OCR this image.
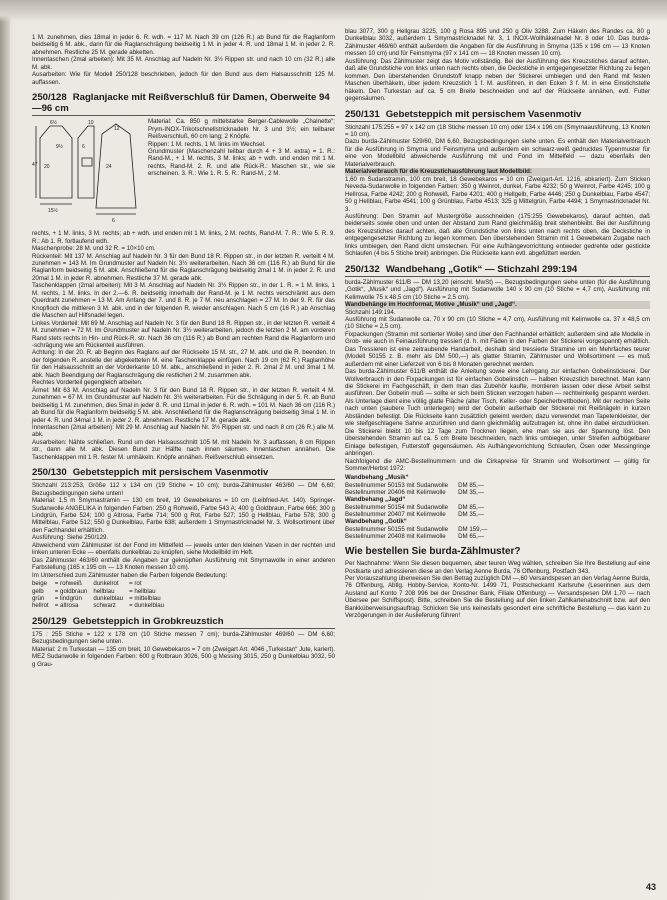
1 M. zunehmen, dies 18mal in jeder 6. R. wdh. = 117 M. Nach 39 cm (126 R.) ab Bund für die Raglanform beidseitig 6 M. abk., dann für die Raglanschrägung beidseitig 1 M. in jeder 4. R. und 18mal 1 M. in jeder 2. R. abnehmen. Restliche 25 M. gerade abketten.

Innentaschen (2mal arbeiten): Mit 35 M. Anschlag auf Nadeln Nr. 3½ Rippen str. und nach 10 cm (32 R.) alle M. abk.

Ausarbeiten: Wie für Modell 250/128 beschrieben, jedoch für den Bund aus dem Halsausschnitt 125 M. auffassen.

250/128 Raglanjacke mit Reißverschluß für Damen, Oberweite 94—96 cm
6½	10
47 20
9½	6
24
12
15½
6

Material: Ca. 850 g mittelstarke Berger-Cablewolle „Chalnette“; Prym-INOX-Trikotschnellstricknadeln Nr. 3 und 3½; ein teilbarer Reißverschluß, 60 cm lang; 2 Knöpfe.

Rippen: 1 M. rechts, 1 M. links im Wechsel.

Grundmuster (Maschenzahl teilbar durch 4 + 3 M. extra) = 1. R.: Rand-M., + 1 M. rechts, 3 M. links; ab + wdh. und enden mit 1 M. rechts, Rand-M. 2. R. und alle Rück-R.: Maschen str., wie sie erscheinen. 3. R.: Wie 1. R. 5. R.: Rand-M., 2 M.

rechts, + 1 M. links, 3 M. rechts; ab + wdh. und enden mit 1 M. links, 2 M. rechts, Rand-M. 7. R.: Wie 5. R. 9. R.: Ab 1. R. fortlaufend wdh.

Maschenprobe: 28 M. und 32 R. = 10×10 cm.

Rückenteil: Mit 137 M. Anschlag auf Nadeln Nr. 3 für den Bund 18 R. Rippen str., in der letzten R. verteilt 4 M. zunehmen = 143 M. Im Grundmuster auf Nadeln Nr. 3½ weiterarbeiten. Nach 36 cm (116 R.) ab Bund für die Raglanform beidseitig 5 M. abk. Anschließend für die Raglanschrägung beidseitig 2mal 1 M. in jeder 2. R. und 20mal 1 M. in jeder R. abnehmen. Restliche 37 M. gerade abk.

Taschenklappen (2mal arbeiten): Mit 3 M. Anschlag auf Nadeln Nr. 3½ Rippen str., in der 1. R. = 1 M. links, 1 M. rechts, 1 M. links. In der 2.—6. R. beidseitig innerhalb der Rand-M. je 1 M. rechts verschränkt aus dem Querdraht zunehmen = 13 M. Am Anfang der 7. und 8. R. je 7 M. neu anschlagen = 27 M. In der 9. R. für das Knopfloch die mittleren 3 M. abk. und in der folgenden R. wieder anschlagen. Nach 5 cm (16 R.) ab Anschlag die Maschen auf Hilfsnadel legen.

Linkes Vorderteil: Mit 69 M. Anschlag auf Nadeln Nr. 3 für den Bund 18 R. Rippen str., in der letzten R. verteilt 4 M. zunehmen = 72 M. Im Grundmuster auf Nadeln Nr. 3½ weiterarbeiten, jedoch die letzten 2 M. am vorderen Rand stets rechts in Hin- und Rück-R. str. Nach 36 cm (116 R.) ab Bund am rechten Rand die Raglanform und -schrägung wie am Rückenteil ausführen.

Achtung: In der 20. R. ab Beginn des Raglans auf der Rückseite 15 M. str., 27 M. abk. und die R. beenden. In der folgenden R. anstelle der abgeketteten M. eine Taschenklappe einfügen. Nach 19 cm (62 R.) Raglanhöhe für den Halsausschnitt an der Vorderkante 10 M. abk., anschließend in jeder 2. R. 2mal 2 M. und 3mal 1 M. abk. Nach Beendigung der Raglanschrägung die restlichen 2 M. zusammen abk.

Rechtes Vorderteil gegengleich arbeiten.

Ärmel: Mit 63 M. Anschlag auf Nadeln Nr. 3 für den Bund 18 R. Rippen str., in der letzten R. verteilt 4 M. zunehmen = 67 M. Im Grundmuster auf Nadeln Nr. 3½ weiterarbeiten. Für die Schrägung in der 5. R. ab Bund beidseitig 1 M. zunehmen, dies 5mal in jeder 8. R. und 11mal in jeder 6. R. wdh. = 101 M. Nach 36 cm (116 R.) ab Bund für die Raglanform beidseitig 5 M. abk. Anschließend für die Raglanschrägung beidseitig 3mal 1 M. in jeder 4. R. und 34mal 1 M. in jeder 2. R. abnehmen. Restliche 17 M. gerade abk.

Innentaschen (2mal arbeiten): Mit 29 M. Anschlag auf Nadeln Nr. 3½ Rippen str. und nach 8 cm (26 R.) alle M. abk.

Ausarbeiten: Nähte schließen. Rund um den Halsausschnitt 105 M. mit Nadeln Nr. 3 auffassen, 8 cm Rippen str., dann alle M. abk. Diesen Bund zur Hälfte nach innen säumen. Innentaschen annähen. Die Taschenklappen mit 1 R. fester M. umhäkeln. Knöpfe annähen. Reißverschluß einsetzen.

250/130 Gebetsteppich mit persischem Vasenmotiv

Stichzahl 213:253, Größe 112 x 134 cm (19 Stiche = 10 cm); burda-Zählmuster 463/60 — DM 6,60; Bezugsbedingungen siehe unten!

Material: 1,5 m Smyrnastramin — 130 cm breit, 19 Gewebekaros = 10 cm (Leibfried-Art. 140). Springer-Sudanwolle ANGELIKA in folgenden Farben: 250 g Rohweiß, Farbe 543 A; 400 g Goldbraun, Farbe 666; 300 g Lindgrün, Farbe 524; 100 g Altrosa, Farbe 714; 500 g Rot, Farbe 527; 150 g Hellblau, Farbe 578; 300 g Mittelblau, Farbe 512; 550 g Dunkelblau, Farbe 638; außerdem 1 Smyrnastricknadel Nr. 3. Wollsortiment über den Fachhandel erhältlich.

Ausführung: Siehe 250/129.

Abweichend vom Zählmuster ist der Fond im Mittelfeld — jeweils unter den kleinen Vasen in der rechten und linken unteren Ecke — ebenfalls dunkelblau zu knüpfen, siehe Modellbild im Heft.

Das Zählmuster 463/60 enthält die Angaben zur geknüpften Ausführung mit Smyrnawolle in einer anderen Farbstellung (165 x 195 cm — 13 Knoten messen 10 cm).

Im Unterschied zum Zählmuster haben die Farben folgende Bedeutung:

beige	= rohweiß	dunkelrot	= rot
gelb	= goldbraun	hellblau	= hellblau
grün	= lindgrün	dunkelblau	= mittelblau
hellrot	= altrosa	schwarz	= dunkelblau
250/129 Gebetsteppich in Grobkreuzstich

175 : 255 Stiche = 122 x 178 cm (10 Stiche messen 7 cm); burda-Zählmuster 469/60 — DM 6,60; Bezugsbedingungen siehe unten.

Material: 2 m Turkestan — 135 cm breit, 10 Gewebekaros = 7 cm (Zweigart Art. 4046 „Turkestan“ Jute, kariert). MEZ Sudanwolle in folgenden Farben: 600 g Rotbraun 3026, 500 g Messing 3015, 250 g Dunkelblau 3032, 50 g Grau-

blau 3077, 300 g Hellgrau 3225, 100 g Rosa 895 und 250 g Oliv 3288. Zum Häkeln des Randes ca. 80 g Dunkelblau 3032, außerdem 1 Smyrnastricknadel Nr. 3, 1 INOX-Wollhäkelnadel Nr. 8 oder 10. Das burda-Zählmuster 469/60 enthält außerdem die Angaben für die Ausführung in Smyrna (135 x 196 cm — 13 Knoten messen 10 cm) und für Feinsmyrna (97 x 141 cm — 18 Knoten messen 10 cm).

Ausführung: Das Zählmuster zeigt das Motiv vollständig. Bei der Ausführung des Kreuzstiches darauf achten, daß alle Grundstiche von links unten nach rechts oben, die Deckstiche in entgegengesetzter Richtung zu liegen kommen. Den überstehenden Grundstoff knapp neben der Stickerei umbiegen und den Rand mit festen Maschen überhäkeln, über jedem Kreuzstich 1 f. M. ausführen, in den Ecken 3 f. M. in eine Einstichstelle häkeln. Den Turkestan auf ca. 5 cm Breite beschneiden und auf der Rückseite annähen, evtl. Futter gegensäumen.

250/131 Gebetsteppich mit persischem Vasenmotiv

Stichzahl 175:255 = 97 x 142 cm (18 Stiche messen 10 cm) oder 134 x 196 cm (Smyrnaausführung, 13 Knoten = 10 cm).

Dazu burda-Zählmuster 529/60, DM 6,60, Bezugsbedingungen siehe unten. Es enthält den Materialverbrauch für die Ausführung in Smyrna und Feinsmyrna und außerdem ein schwarz-weiß gedrucktes Typenmuster für eine von Modellbild abweichende Ausführung mit und Fond im Mittelfeld — dazu ebenfalls den Materialverbrauch.

Materialverbrauch für die Kreuzstichausführung laut Modellbild:

1,60 m Sudanstramin, 100 cm breit, 18 Gewebekaros = 10 cm (Zweigart-Art. 1216, abkariert). Zum Sticken Neveda-Sudanwolle in folgenden Farben: 350 g Weinrot, dunkel, Farbe 4232; 50 g Weinrot, Farbe 4245; 100 g Hellrosa, Farbe 4242; 200 g Rohweiß, Farbe 4201; 400 g Hellgelb, Farbe 4446; 250 g Dunkelblau, Farbe 4547; 50 g Hellblau, Farbe 4541; 100 g Grünblau, Farbe 4513; 325 g Mittelgrün, Farbe 4494; 1 Smyrnastricknadel Nr. 3.

Ausführung: Den Stramin auf Mustergröße ausschneiden (175:255 Gewebekaros), darauf achten, daß beiderseits sowie oben und unten der Abstand zum Rand gleichmäßig breit stehenbleibt. Bei der Ausführung des Kreuzstiches darauf achten, daß alle Grundstiche von links unten nach rechts oben, die Deckstiche in entgegengesetzter Richtung zu liegen kommen. Den überstehenden Stramin mit 1 Gewebekaro Zugabe nach links umbiegen, den Rand dicht umstechen. Für eine Aufhängevorrichtung entweder gedrehte oder gestickte Schlaufen (4 bis 5 Stiche breit) anbringen. Die Rückseite kann evtl. abgefüttert werden.

250/132 Wandbehang „Gotik“ — Stichzahl 299:194

burda-Zählmuster 611/B — DM 13,20 (einschl. MwSt) —, Bezugsbedingungen siehe unten (für die Ausführung „Gotik“, „Musik“ und „Jagd“). Ausführung mit Sudanwolle 140 x 90 cm (10 Stiche = 4,7 cm), Ausführung mit Kelimwolle 75 x 48,5 cm (10 Stiche = 2,5 cm).

Wandbehänge im Hochformat, Motive „Musik“ und „Jagd“.

Stichzahl 149:194.

Ausführung mit Sudanwolle ca. 70 x 90 cm (10 Stiche = 4,7 cm), Ausführung mit Kelimwolle ca. 37 x 48,5 cm (10 Stiche = 2,5 cm).

Fixpackungen (Stramin mit sortierter Wolle) sind über den Fachhandel erhältlich; außerdem sind alle Modelle in Grob- wie auch in Feinausführung tressiert (d. h. mit Fäden in den Farben der Stickerei vorgespannt) erhältlich. Das Tressieren ist eine zeitraubende Handarbeit, deshalb sind tressierte Stramine um ein Mehrfaches teurer (Modell 50155 z. B. mehr als DM 500,—) als glatter Stramin, Zählmuster und Wollsortiment — es muß außerdem mit einer Lieferzeit von 6 bis 8 Monaten gerechnet werden.

Das burda-Zählmuster 611/B enthält die Anleitung sowie eine Lehrgang zur einfachen Gobelinstickerei. Der Wollverbrauch in den Fixpackungen ist für einfachen Gobelinstich — halben Kreuzstich berechnet. Man kann die Stickerei im Fachgeschäft, in dem man das Zubehör kaufte, montieren lassen oder diese Arbeit selbst ausführen. Der Gobelin muß — sollte er sich beim Sticken verzogen haben — rechtwinkelig gespannt werden. Als Unterlage dient eine völlig glatte Fläche (alter Tisch, Keller- oder Speicherbrettboden). Mit der rechten Seite nach unten (saubere Tuch unterlegen) wird der Gobelin außerhalb der Stickerei mit Reißnägeln in kurzen Abständen befestigt. Die Rückseite kann zusätzlich geleimt werden; dazu verwendet man Tapetenkleister, der wie steifgeschlagene Sahne anzurühren und dann gleichmäßig aufzutragen ist, ohne ihn dabei einzudrücken. Die Stickerei bleibt 10 bis 12 Tage zum Trocknen liegen, ehe man sie aus der Spannung löst. Den überstehenden Stramin auf ca. 5 cm Breite beschneiden, nach links umbiegen, unter Streifen aufbügelbarer Einlage befestigen, Futterstoff gegensäumen. Als Aufhängevorrichtung Schlaufen, Ösen oder Messingringe anbringen.

Nachfolgend die AMC-Bestellnummern und die Cirkapreise für Stramin und Wollsortiment — gültig für Sommer/Herbst 1972:

Wandbehang „Musik“

Bestellnummer 50153 mit Sudanwolle	DM 85,—
Bestellnummer 20406 mit Kelimwolle	DM 35,—

Wandbehang „Jagd“

Bestellnummer 50154 mit Sudanwolle	DM 85,—
Bestellnummer 20407 mit Kelimwolle	DM 35,—

Wandbehang „Gotik“

Bestellnummer 50155 mit Sudanwolle	DM 159,—
Bestellnummer 20408 mit Kelimwolle	DM 65,—
Wie bestellen Sie burda-Zählmuster?

Per Nachnahme: Wenn Sie diesen bequemen, aber teuren Weg wählen, schreiben Sie Ihre Bestellung auf eine Postkarte und adressieren diese an den Verlag Aenne Burda, 76 Offenburg, Postfach 343.

Per Vorauszahlung überweisen Sie den Betrag zuzüglich DM —,60 Versandspesen an den Verlag Aenne Burda, 76 Offenburg, Abtlg. Hobby-Service, Konto-Nr. 1499 71, Postscheckamt Karlsruhe (Leserinnen aus dem Ausland auf Konto 7 208 996 bei der Dresdner Bank, Filiale Offenburg) — Versandspesen DM 1,70 — nach Übersee per Schiffspost). Bitte, schreiben Sie die Bestellung auf den linken Zahlkartenabschnitt bzw. auf den Bankküberweisungsauftrag. Schicken Sie uns keinesfalls gesondert eine schriftliche Bestellung — das kann zu Verzögerungen in der Auslieferung führen!

43
